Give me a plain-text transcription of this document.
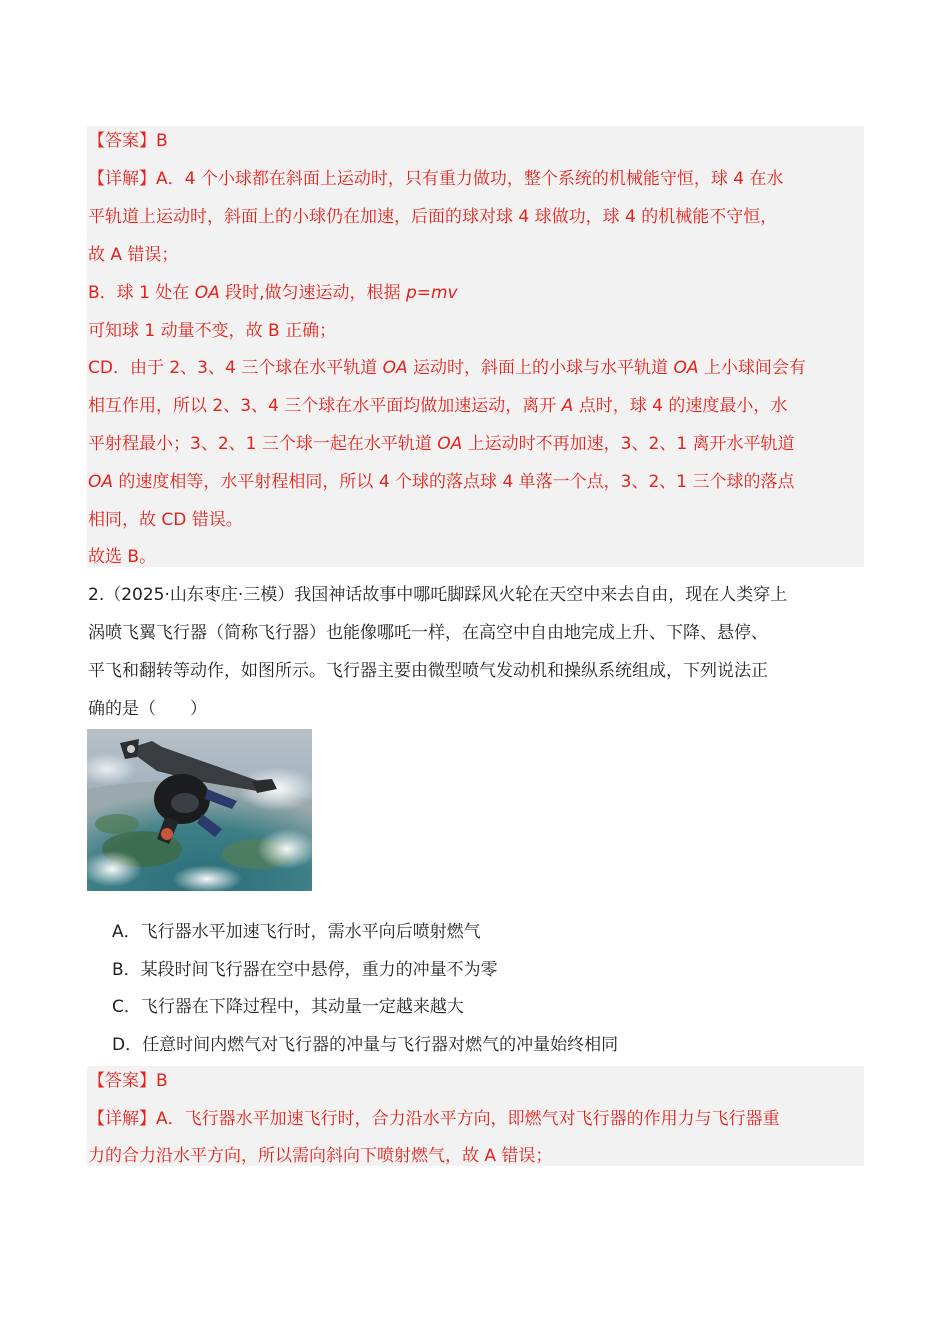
【答案】B
【详解】A．4 个小球都在斜面上运动时，只有重力做功，整个系统的机械能守恒，球 4 在水
平轨道上运动时，斜面上的小球仍在加速，后面的球对球 4 球做功，球 4 的机械能不守恒，
故 A 错误；
B．球 1 处在 OA 段时,做匀速运动，根据 p=mv
可知球 1 动量不变，故 B 正确；
CD．由于 2、3、4 三个球在水平轨道 OA 运动时，斜面上的小球与水平轨道 OA 上小球间会有
相互作用，所以 2、3、4 三个球在水平面均做加速运动，离开 A 点时，球 4 的速度最小，水
平射程最小；3、2、1 三个球一起在水平轨道 OA 上运动时不再加速，3、2、1 离开水平轨道
OA 的速度相等，水平射程相同，所以 4 个球的落点球 4 单落一个点，3、2、1 三个球的落点
相同，故 CD 错误。
故选 B。
2.（2025·山东枣庄·三模）我国神话故事中哪吒脚踩风火轮在天空中来去自由，现在人类穿上
涡喷飞翼飞行器（简称飞行器）也能像哪吒一样，在高空中自由地完成上升、下降、悬停、
平飞和翻转等动作，如图所示。飞行器主要由微型喷气发动机和操纵系统组成，下列说法正
确的是（　　）
A．飞行器水平加速飞行时，需水平向后喷射燃气
B．某段时间飞行器在空中悬停，重力的冲量不为零
C．飞行器在下降过程中，其动量一定越来越大
D．任意时间内燃气对飞行器的冲量与飞行器对燃气的冲量始终相同
【答案】B
【详解】A．飞行器水平加速飞行时，合力沿水平方向，即燃气对飞行器的作用力与飞行器重
力的合力沿水平方向，所以需向斜向下喷射燃气，故 A 错误；
